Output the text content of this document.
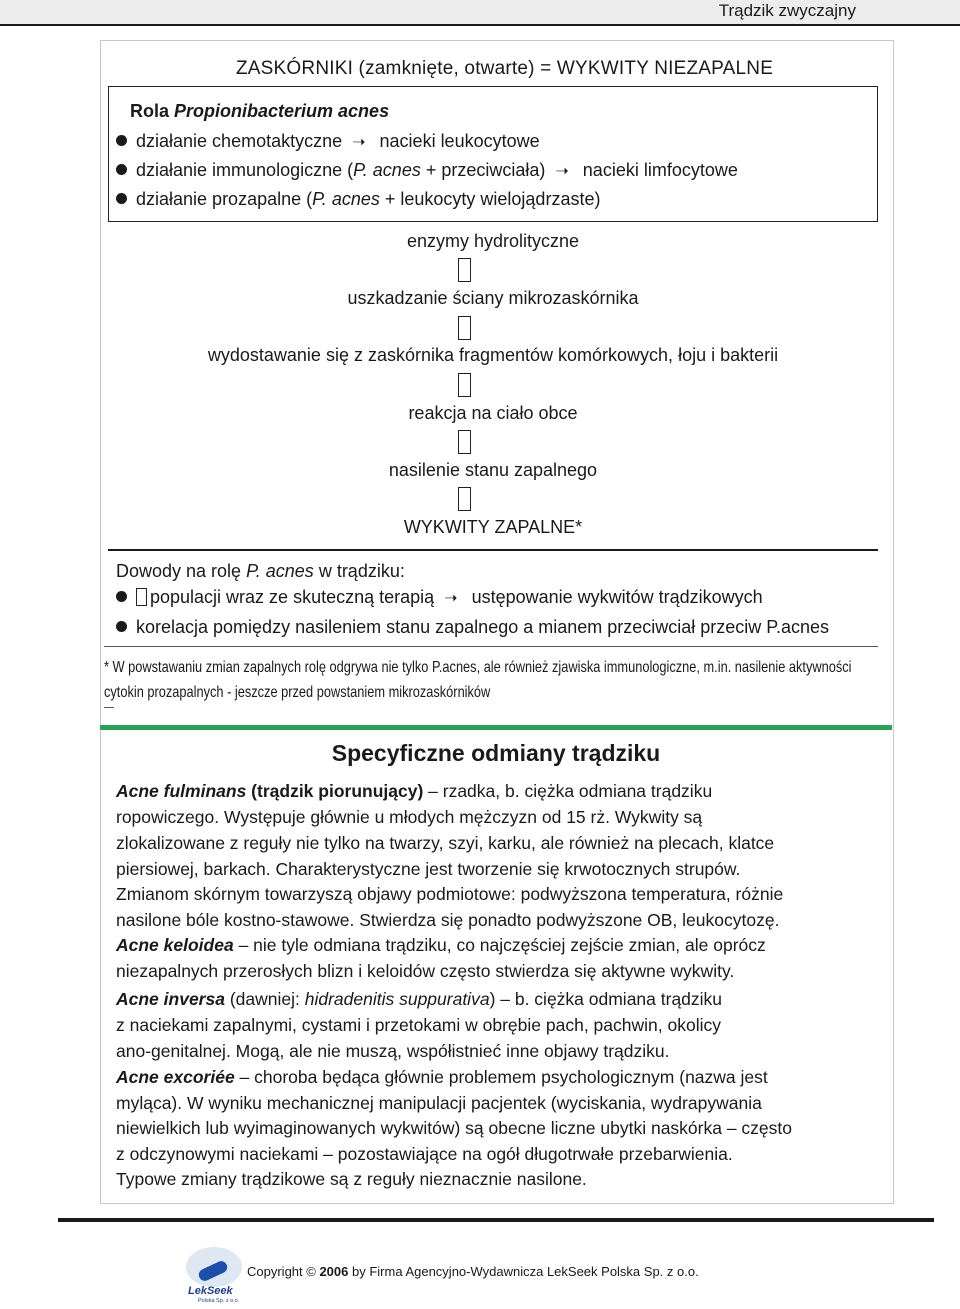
Trądzik zwyczajny
ZASKÓRNIKI (zamknięte, otwarte) = WYKWITY NIEZAPALNE
Rola Propionibacterium acnes
działanie chemotaktyczne ➝ nacieki leukocytowe
działanie immunologiczne (P. acnes + przeciwciała) ➝ nacieki limfocytowe
działanie prozapalne (P. acnes + leukocyty wielojądrzaste)
enzymy hydrolityczne
uszkadzanie ściany mikrozaskórnika
wydostawanie się z zaskórnika fragmentów komórkowych, łoju i bakterii
reakcja na ciało obce
nasilenie stanu zapalnego
WYKWITY ZAPALNE*
Dowody na rolę P. acnes w trądziku:
populacji wraz ze skuteczną terapią ➝ ustępowanie wykwitów trądzikowych
korelacja pomiędzy nasileniem stanu zapalnego a mianem przeciwciał przeciw P.acnes
* W powstawaniu zmian zapalnych rolę odgrywa nie tylko P.acnes, ale również zjawiska immunologiczne, m.in. nasilenie aktywności
cytokin prozapalnych - jeszcze przed powstaniem mikrozaskórników
Specyficzne odmiany trądziku
Acne fulminans (trądzik piorunujący) – rzadka, b. ciężka odmiana trądziku
ropowiczego. Występuje głównie u młodych mężczyzn od 15 rż. Wykwity są
zlokalizowane z reguły nie tylko na twarzy, szyi, karku, ale również na plecach, klatce
piersiowej, barkach. Charakterystyczne jest tworzenie się krwotocznych strupów.
Zmianom skórnym towarzyszą objawy podmiotowe: podwyższona temperatura, różnie
nasilone bóle kostno-stawowe. Stwierdza się ponadto podwyższone OB, leukocytozę.
Acne keloidea – nie tyle odmiana trądziku, co najczęściej zejście zmian, ale oprócz
niezapalnych przerosłych blizn i keloidów często stwierdza się aktywne wykwity.
Acne inversa (dawniej: hidradenitis suppurativa) – b. ciężka odmiana trądziku
z naciekami zapalnymi, cystami i przetokami w obrębie pach, pachwin, okolicy
ano-genitalnej. Mogą, ale nie muszą, współistnieć inne objawy trądziku.
Acne excoriée – choroba będąca głównie problemem psychologicznym (nazwa jest
myląca). W wyniku mechanicznej manipulacji pacjentek (wyciskania, wydrapywania
niewielkich lub wyimaginowanych wykwitów) są obecne liczne ubytki naskórka – często
z odczynowymi naciekami – pozostawiające na ogół długotrwałe przebarwienia.
Typowe zmiany trądzikowe są z reguły nieznacznie nasilone.
LekSeek
Polska Sp. z o.o.
Copyright © 2006 by Firma Agencyjno-Wydawnicza LekSeek Polska Sp. z o.o.
